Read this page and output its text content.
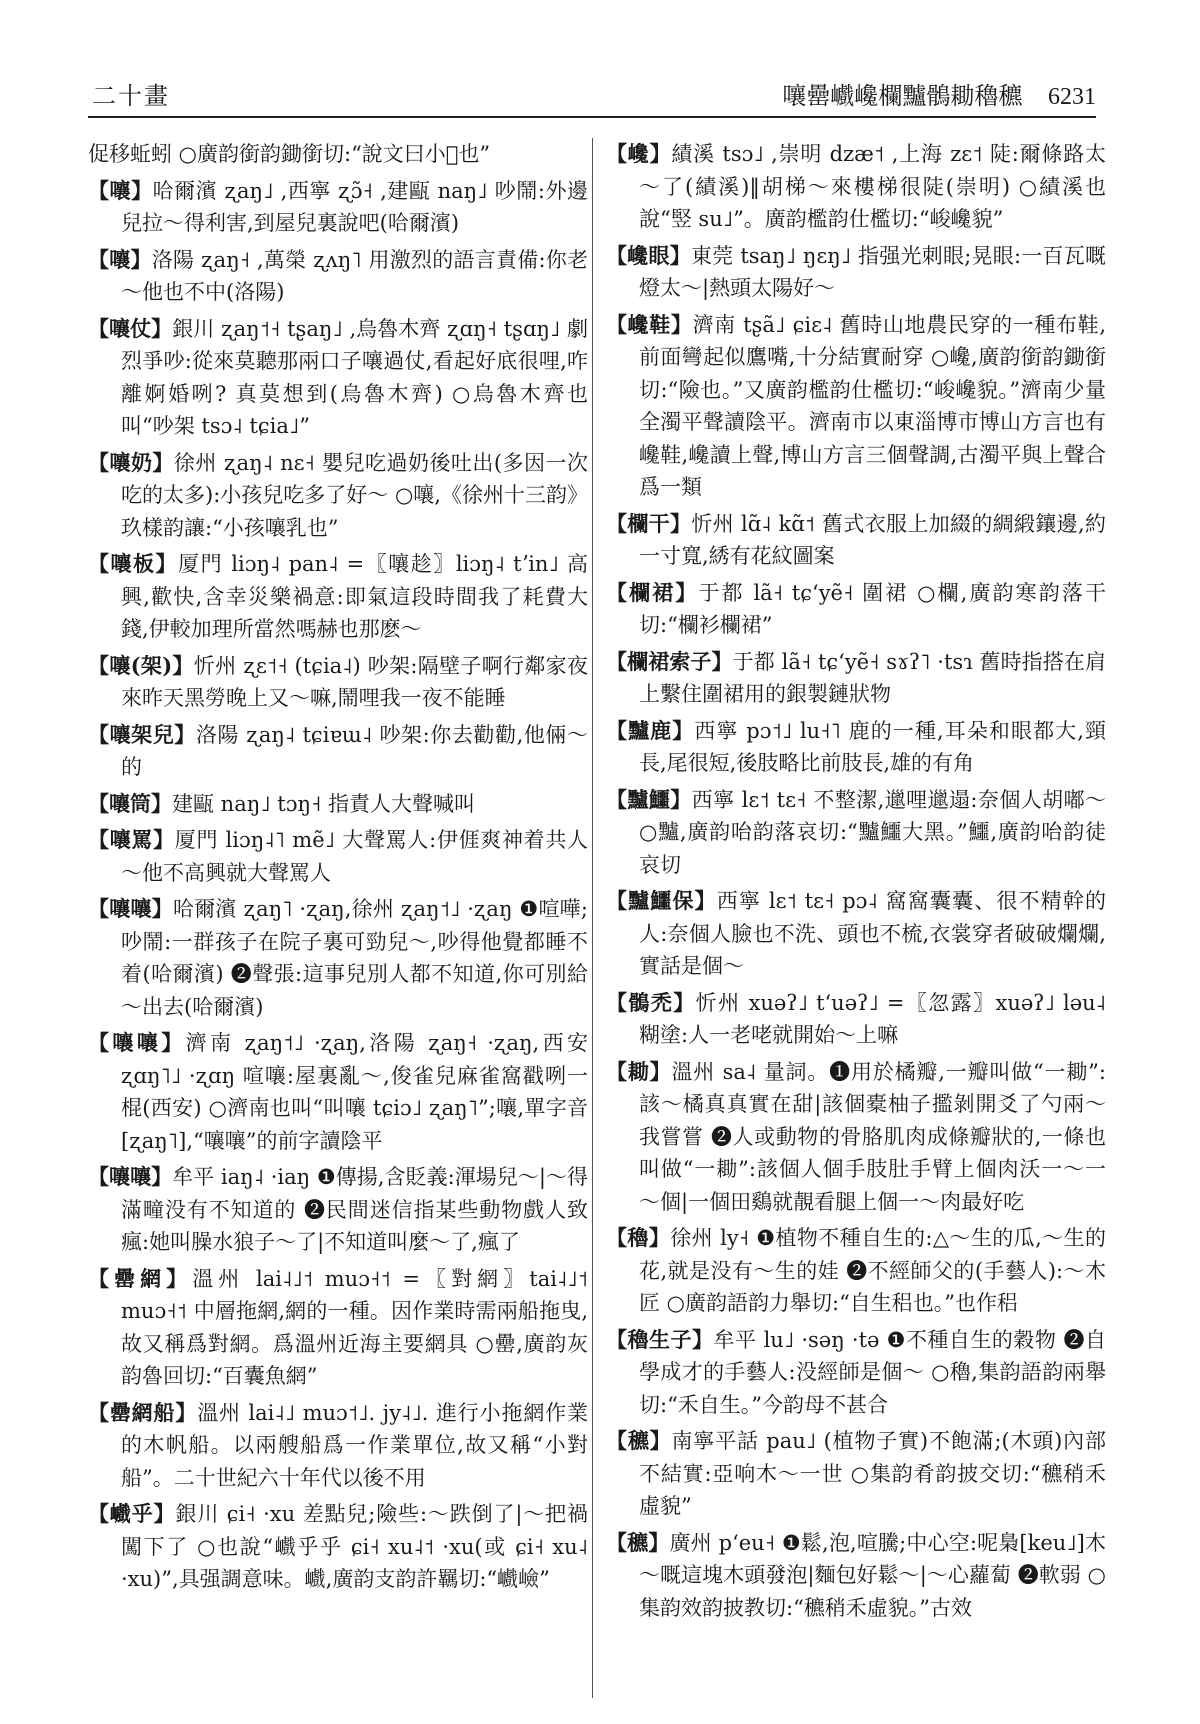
二十畫	嚷罍巇巉欄黸鶻耡穭穮 6231

促移蚯蚓 ○廣韵銜韵鋤銜切:“說文曰小𡁾也”

【嚷】哈爾濱 ʐaŋ˩ ,西寧 ʐɔ̃˧ ,建甌 naŋ˩ 吵鬧:外邊兒拉～得利害,到屋兒裏說吧(哈爾濱)

【嚷】洛陽 ʐaŋ˧ ,萬榮 ʐʌŋ˥ 用激烈的語言責備:你老～他也不中(洛陽)

【嚷仗】銀川 ʐaŋ˦˧ tʂaŋ˩ ,烏魯木齊 ʐɑŋ˧ tʂɑŋ˩ 劇烈爭吵:從來莫聽那兩口子嚷過仗,看起好底很哩,咋離婀婚咧? 真莫想到(烏魯木齊) ○烏魯木齊也叫“吵架 tsɔ˨ tɕia˩”

【嚷奶】徐州 ʐaŋ˨ nɛ˧ 嬰兒吃過奶後吐出(多因一次吃的太多):小孩兒吃多了好～ ○嚷,《徐州十三韵》玖樣韵讓:“小孩嚷乳也”

【嚷板】厦門 liɔŋ˨ pan˨ =〖嚷趁〗liɔŋ˨ tʼin˩ 高興,歡快,含幸災樂禍意:即氣這段時間我了耗費大錢,伊較加理所當然嗎赫也那麽～

【嚷(架)】忻州 ʐɛ˦˧ (tɕia˨) 吵架:隔壁子啊行鄰家夜來昨天黑勞晚上又～嘛,鬧哩我一夜不能睡

【嚷架兒】洛陽 ʐaŋ˨ tɕiɐɯ˨ 吵架:你去勸勸,他倆～的

【嚷筒】建甌 naŋ˩ tɔŋ˧ 指責人大聲喊叫

【嚷罵】厦門 liɔŋ˨˥ mẽ˩ 大聲罵人:伊𠊎爽神着共人～他不高興就大聲罵人

【嚷嚷】哈爾濱 ʐaŋ˥ ·ʐaŋ,徐州 ʐaŋ˦˩ ·ʐaŋ ❶喧嘩;吵鬧:一群孩子在院子裏可勁兒～,吵得他覺都睡不着(哈爾濱) ❷聲張:這事兒別人都不知道,你可別給～出去(哈爾濱)

【嚷嚷】濟南 ʐaŋ˦˩ ·ʐaŋ,洛陽 ʐaŋ˧ ·ʐaŋ,西安 ʐɑŋ˥˩ ·ʐɑŋ 喧嚷:屋裏亂～,俊雀兒麻雀窩戳咧一棍(西安) ○濟南也叫“叫嚷 tɕiɔ˩ ʐaŋ˥”;嚷,單字音[ʐaŋ˥],“嚷嚷”的前字讀陰平

【嚷嚷】牟平 iaŋ˨ ·iaŋ ❶傳揚,含貶義:渾場兒～|～得滿疃没有不知道的 ❷民間迷信指某些動物戲人致瘋:她叫臊水狼子～了|不知道叫麼～了,瘋了

【罍網】溫州 lai˨˩˦ muɔ˧˦ =〖對網〗tai˨˩˦ muɔ˧˦ 中層拖網,網的一種。因作業時需兩船拖曳,故又稱爲對網。爲溫州近海主要網具 ○罍,廣韵灰韵魯回切:“百囊魚網”

【罍網船】溫州 lai˨˩ muɔ˦˩. jy˨˩. 進行小拖網作業的木帆船。以兩艘船爲一作業單位,故又稱“小對船”。二十世紀六十年代以後不用

【巇乎】銀川 ɕi˧ ·xu 差點兒;險些:～跌倒了|～把禍闖下了 ○也說“巇乎乎 ɕi˧ xu˨˦ ·xu(或 ɕi˧ xu˨ ·xu)”,具强調意味。巇,廣韵支韵許羈切:“巇嶮”

【巉】績溪 tsɔ˩ ,崇明 dzæ˦ ,上海 zɛ˦ 陡:爾條路太～了(績溪)‖胡梯～來樓梯很陡(崇明) ○績溪也說“竪 su˩”。廣韵檻韵仕檻切:“峻巉貌”

【巉眼】東莞 tsaŋ˩ ŋɛŋ˩ 指强光刺眼;晃眼:一百瓦嘅燈太～|熱頭太陽好～

【巉鞋】濟南 tʂã˩ ɕiɛ˨ 舊時山地農民穿的一種布鞋,前面彎起似鷹嘴,十分結實耐穿 ○巉,廣韵銜韵鋤銜切:“險也。”又廣韵檻韵仕檻切:“峻巉貌。”濟南少量全濁平聲讀陰平。濟南市以東淄博市博山方言也有巉鞋,巉讀上聲,博山方言三個聲調,古濁平與上聲合爲一類

【欄干】忻州 lɑ̃˨ kɑ̃˦ 舊式衣服上加綴的綢緞鑲邊,約一寸寬,綉有花紋圖案

【欄裙】于都 lã˧ tɕʻyẽ˧ 圍裙 ○欄,廣韵寒韵落干切:“欄衫欄裙”

【欄裙索子】于都 lã˧ tɕʻyẽ˧ sɤʔ˥ ·tsɿ 舊時指搭在肩上繫住圍裙用的銀製鏈狀物

【黸鹿】西寧 pɔ˦˩ lu˧˥ 鹿的一種,耳朵和眼都大,頸長,尾很短,後肢略比前肢長,雄的有角

【黸鱷】西寧 lɛ˦ tɛ˧ 不整潔,邋哩邋遢:奈個人胡嘟～ ○黸,廣韵咍韵落哀切:“黸鱷大黑。”鱷,廣韵咍韵徒哀切

【黸鱷保】西寧 lɛ˦ tɛ˧ pɔ˨ 窩窩囊囊、很不精幹的人:奈個人臉也不洗、頭也不梳,衣裳穿者破破爛爛,實話是個～

【鶻禿】忻州 xuəʔ˩ tʻuəʔ˩ =〖忽露〗xuəʔ˩ ləu˨ 糊塗:人一老咾就開始～上嘛

【耡】溫州 sa˨ 量詞。❶用於橘瓣,一瓣叫做“一耡”:該～橘真真實在甜|該個橐柚子㩜剝開爻了勺兩～我嘗嘗 ❷人或動物的骨胳肌肉成條瓣狀的,一條也叫做“一耡”:該個人個手肢肚手臂上個肉沃一～一～個|一個田鷄就靚看腿上個一～肉最好吃

【穭】徐州 ly˧ ❶植物不種自生的:△～生的瓜,～生的花,就是没有～生的娃 ❷不經師父的(手藝人):～木匠 ○廣韵語韵力舉切:“自生稆也。”也作稆

【穭生子】牟平 lu˩ ·səŋ ·tə ❶不種自生的穀物 ❷自學成才的手藝人:没經師是個～ ○穭,集韵語韵兩舉切:“禾自生。”今韵母不甚合

【穮】南寧平話 pau˩ (植物子實)不飽滿;(木頭)內部不結實:亞响木～一世 ○集韵肴韵披交切:“穮稍禾虛貌”

【穮】廣州 pʻeu˧ ❶鬆,泡,喧騰;中心空:呢梟[keu˩]木～嘅這塊木頭發泡|麵包好鬆～|～心蘿蔔 ❷軟弱 ○集韵效韵披教切:“穮稍禾虛貌。”古效
